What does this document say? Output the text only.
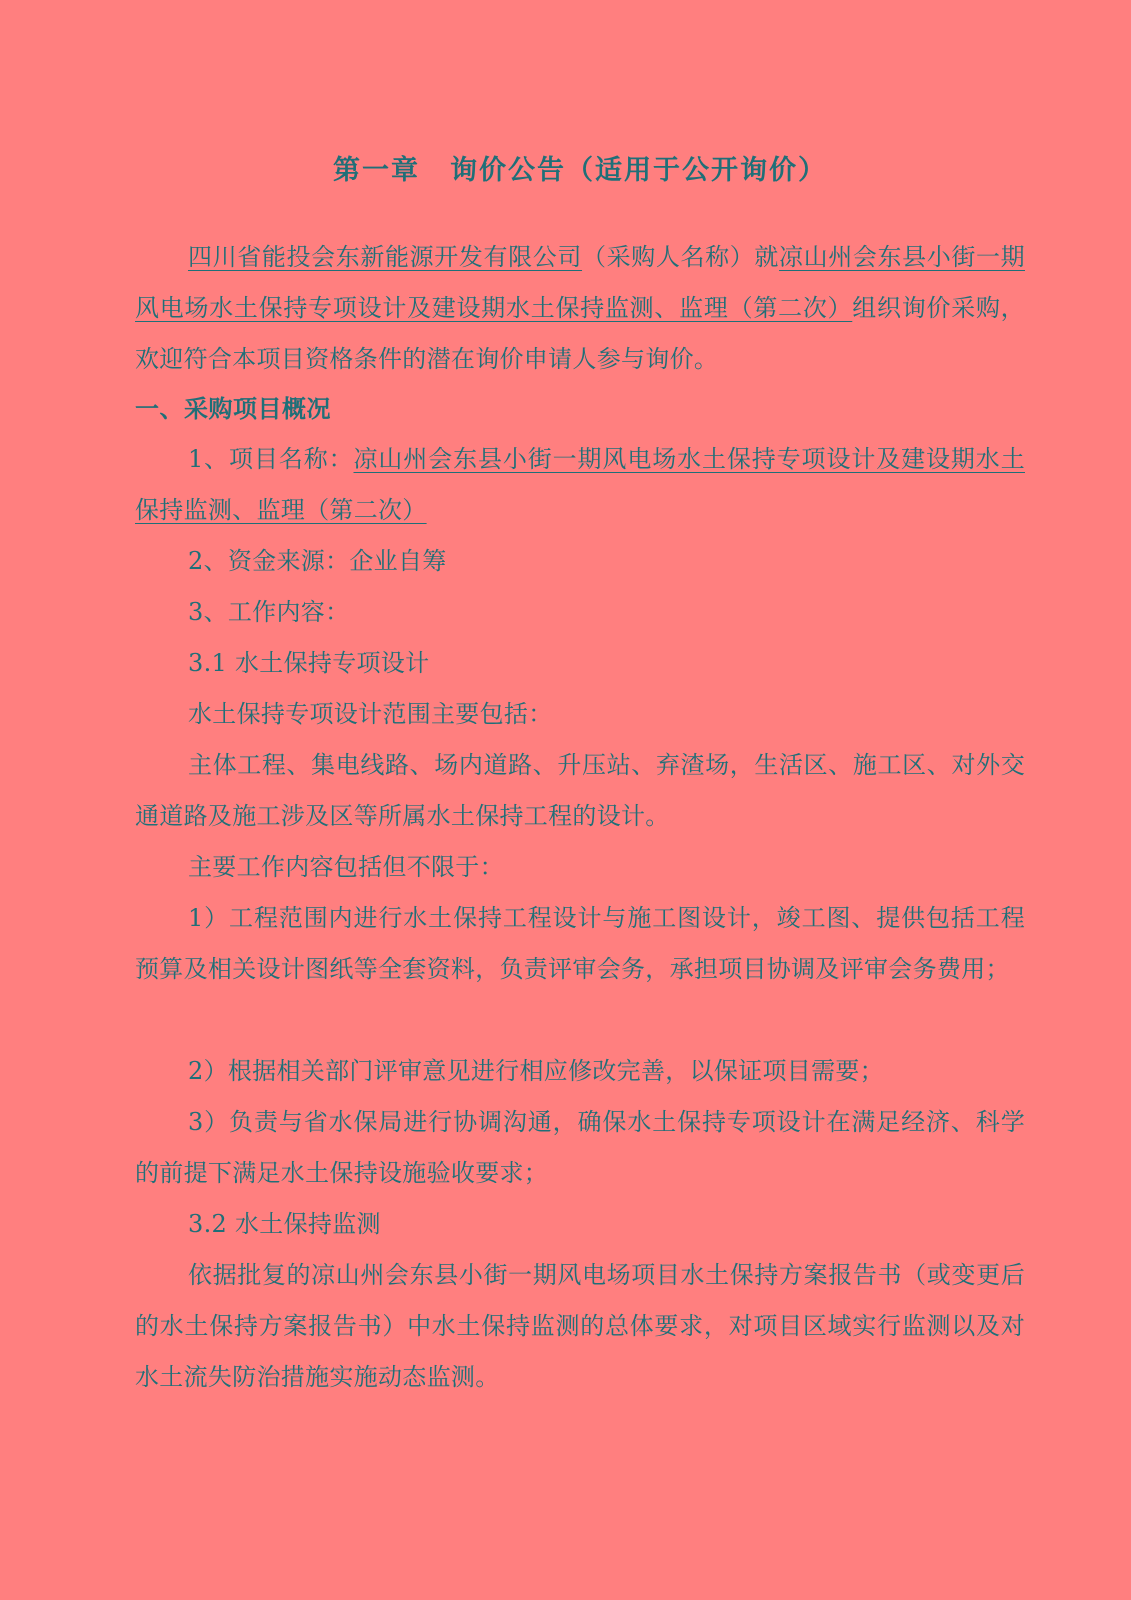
第一章 询价公告（适用于公开询价）
四川省能投会东新能源开发有限公司（采购人名称）就凉山州会东县小街一期风电场水土保持专项设计及建设期水土保持监测、监理（第二次）组织询价采购，欢迎符合本项目资格条件的潜在询价申请人参与询价。
一、采购项目概况
1、项目名称：凉山州会东县小街一期风电场水土保持专项设计及建设期水土保持监测、监理（第二次）
2、资金来源：企业自筹
3、工作内容：
3.1 水土保持专项设计
水土保持专项设计范围主要包括：
主体工程、集电线路、场内道路、升压站、弃渣场，生活区、施工区、对外交通道路及施工涉及区等所属水土保持工程的设计。
主要工作内容包括但不限于：
1）工程范围内进行水土保持工程设计与施工图设计，竣工图、提供包括工程预算及相关设计图纸等全套资料，负责评审会务，承担项目协调及评审会务费用；
2）根据相关部门评审意见进行相应修改完善，以保证项目需要；
3）负责与省水保局进行协调沟通，确保水土保持专项设计在满足经济、科学的前提下满足水土保持设施验收要求；
3.2 水土保持监测
依据批复的凉山州会东县小街一期风电场项目水土保持方案报告书（或变更后的水土保持方案报告书）中水土保持监测的总体要求，对项目区域实行监测以及对水土流失防治措施实施动态监测。
